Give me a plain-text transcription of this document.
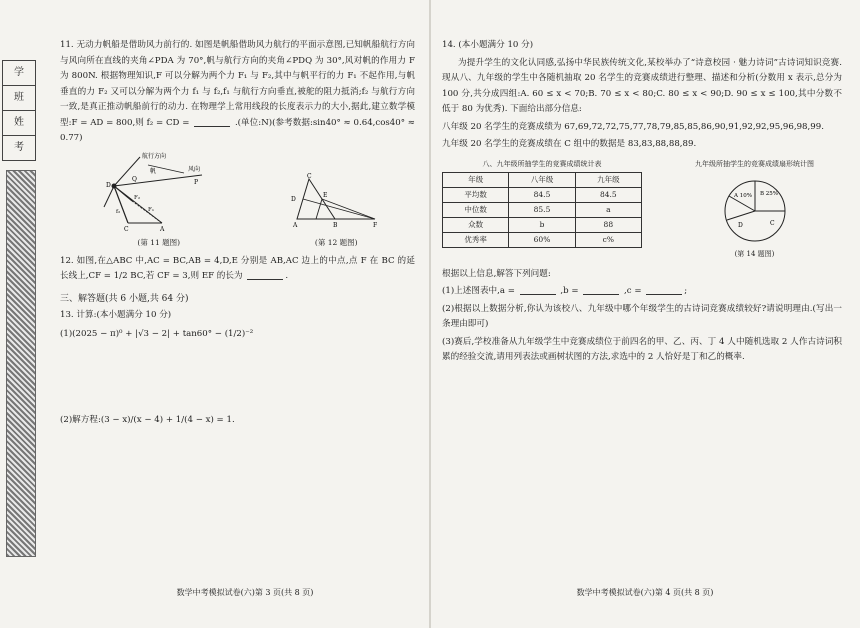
学
班
姓
考

11. 无动力帆船是借助风力前行的. 如图是帆船借助风力航行的平面示意图,已知帆船航行方向与风向所在直线的夹角∠PDA 为 70°,帆与航行方向的夹角∠PDQ 为 30°,风对帆的作用力 F 为 800N. 根据物理知识,F 可以分解为两个力 F₁ 与 F₂,其中与帆平行的力 F₁ 不起作用,与帆垂直的力 F₂ 又可以分解为两个力 f₁ 与 f₂,f₁ 与航行方向垂直,被舵的阻力抵消;f₂ 与航行方向一致,是真正推动帆船前行的动力. 在物理学上常用线段的长度表示力的大小,据此,建立数学模型:F = AD = 800,则 f₂ = CD =	.(单位:N)(参考数据:sin40° ≈ 0.64,cos40° ≈ 0.77)

航行方向
帆	风向
D
C	A
Q	P
F₂
F₁
f₂
(第 11 题图)
C
D
E
A	B	F
(第 12 题图)

12. 如图,在△ABC 中,AC = BC,AB = 4,D,E 分别是 AB,AC 边上的中点,点 F 在 BC 的延长线上,CF = 1/2 BC,若 CF = 3,则 EF 的长为	.

三、解答题(共 6 小题,共 64 分)

13. 计算:(本小题满分 10 分)

(1)(2025 − π)⁰ + |√3 − 2| + tan60° − (1/2)⁻²

(2)解方程:(3 − x)/(x − 4) + 1/(4 − x) = 1.

数学中考模拟试卷(六)第 3 页(共 8 页)

14. (本小题满分 10 分)

为提升学生的文化认同感,弘扬中华民族传统文化,某校举办了“诗意校园 · 魅力诗词”古诗词知识竞赛. 现从八、九年级的学生中各随机抽取 20 名学生的竞赛成绩进行整理、描述和分析(分数用 x 表示,总分为 100 分,共分成四组:A. 60 ≤ x < 70;B. 70 ≤ x < 80;C. 80 ≤ x < 90;D. 90 ≤ x ≤ 100,其中分数不低于 80 为优秀). 下面给出部分信息:

八年级 20 名学生的竞赛成绩为 67,69,72,72,75,77,78,79,85,85,86,90,91,92,92,95,96,98,99.

九年级 20 名学生的竞赛成绩在 C 组中的数据是 83,83,88,88,89.

八、九年级所抽学生的竞赛成绩统计表
年级	八年级	九年级
平均数	84.5	84.5
中位数	85.5	a
众数	b	88
优秀率	60%	c%
九年级所抽学生的竞赛成绩扇形统计图
A 10% B 25%
C
D
(第 14 题图)

根据以上信息,解答下列问题:

(1)上述图表中,a =	,b =	,c =	;

(2)根据以上数据分析,你认为该校八、九年级中哪个年级学生的古诗词竞赛成绩较好?请说明理由.(写出一条理由即可)

(3)赛后,学校准备从九年级学生中竞赛成绩位于前四名的甲、乙、丙、丁 4 人中随机选取 2 人作古诗词积累的经验交流,请用列表法或画树状图的方法,求选中的 2 人恰好是丁和乙的概率.

数学中考模拟试卷(六)第 4 页(共 8 页)
